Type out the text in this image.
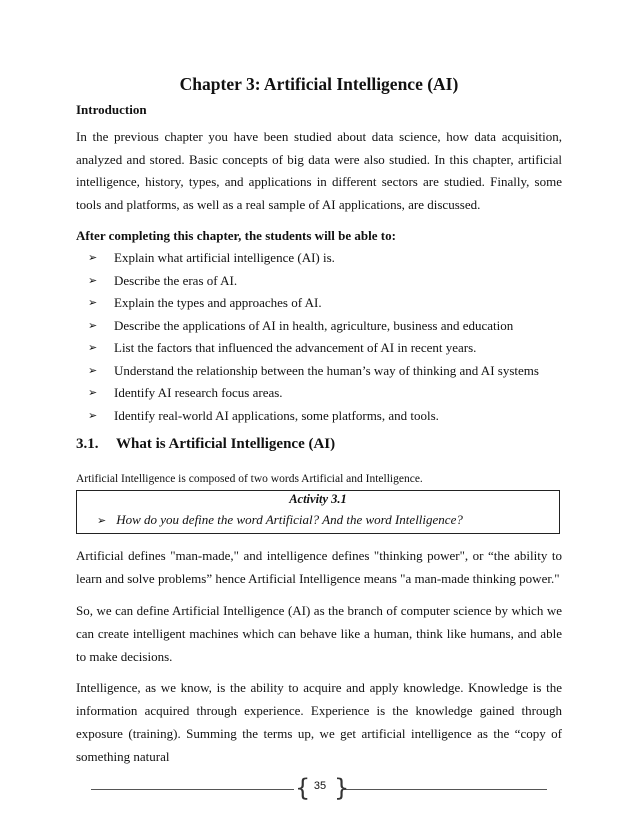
Chapter 3: Artificial Intelligence (AI)

Introduction

In the previous chapter you have been studied about data science, how data acquisition, analyzed and stored. Basic concepts of big data were also studied. In this chapter, artificial intelligence, history, types, and applications in different sectors are studied. Finally, some tools and platforms, as well as a real sample of AI applications, are discussed.

After completing this chapter, the students will be able to:

➢ Explain what artificial intelligence (AI) is.
➢ Describe the eras of AI.
➢ Explain the types and approaches of AI.
➢ Describe the applications of AI in health, agriculture, business and education
➢ List the factors that influenced the advancement of AI in recent years.
➢ Understand the relationship between the human’s way of thinking and AI systems
➢ Identify AI research focus areas.
➢ Identify real-world AI applications, some platforms, and tools.
3.1. What is Artificial Intelligence (AI)

Artificial Intelligence is composed of two words Artificial and Intelligence.

Activity 3.1
➢ How do you define the word Artificial? And the word Intelligence?

Artificial defines "man-made," and intelligence defines "thinking power", or “the ability to learn and solve problems” hence Artificial Intelligence means "a man-made thinking power."

So, we can define Artificial Intelligence (AI) as the branch of computer science by which we can create intelligent machines which can behave like a human, think like humans, and able to make decisions.

Intelligence, as we know, is the ability to acquire and apply knowledge. Knowledge is the information acquired through experience. Experience is the knowledge gained through exposure (training). Summing the terms up, we get artificial intelligence as the “copy of something natural

{ 35 }
